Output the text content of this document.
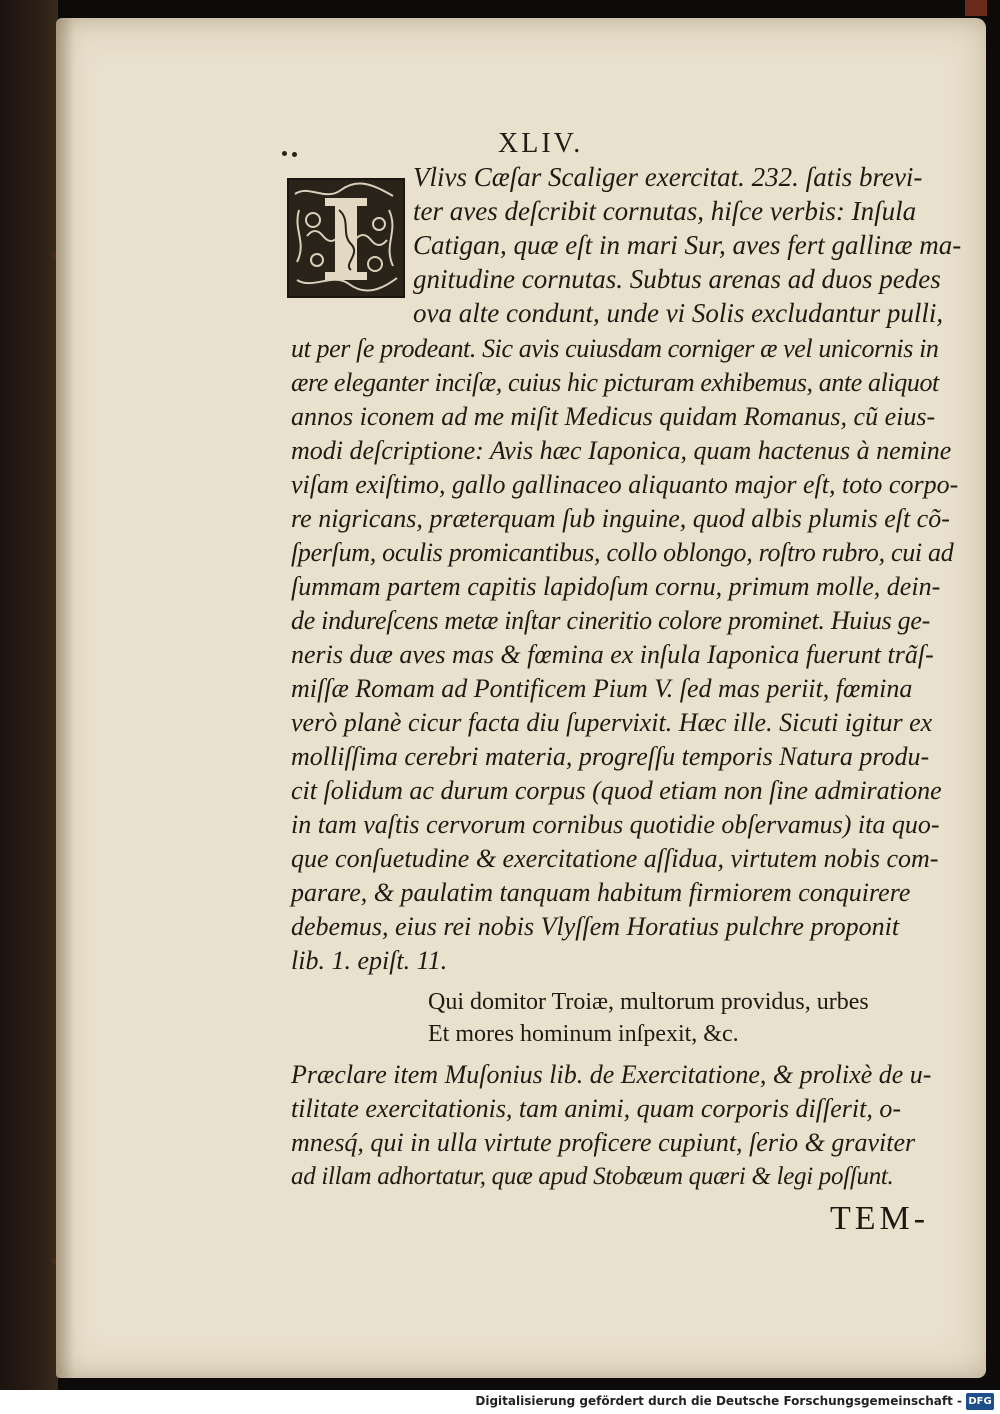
XLIV.
I
Vlivs Cæſar Scaliger exercitat. 232. ſatis brevi-
ter aves deſcribit cornutas, hiſce verbis: Inſula
Catigan, quæ eſt in mari Sur, aves fert gallinæ ma-
gnitudine cornutas. Subtus arenas ad duos pedes
ova alte condunt, unde vi Solis excludantur pulli,
ut per ſe prodeant. Sic avis cuiusdam corniger æ vel unicornis in
ære eleganter inciſæ, cuius hic picturam exhibemus, ante aliquot
annos iconem ad me miſit Medicus quidam Romanus, cũ eius-
modi deſcriptione: Avis hæc Iaponica, quam hactenus à nemine
viſam exiſtimo, gallo gallinaceo aliquanto major eſt, toto corpo-
re nigricans, præterquam ſub inguine, quod albis plumis eſt cõ-
ſperſum, oculis promicantibus, collo oblongo, roſtro rubro, cui ad
ſummam partem capitis lapidoſum cornu, primum molle, dein-
de indureſcens metæ inſtar cineritio colore prominet. Huius ge-
neris duæ aves mas & fœmina ex inſula Iaponica fuerunt trãſ-
miſſæ Romam ad Pontificem Pium V. ſed mas periit, fœmina
verò planè cicur facta diu ſupervixit. Hæc ille. Sicuti igitur ex
molliſſima cerebri materia, progreſſu temporis Natura produ-
cit ſolidum ac durum corpus (quod etiam non ſine admiratione
in tam vaſtis cervorum cornibus quotidie obſervamus) ita quo-
que conſuetudine & exercitatione aſſidua, virtutem nobis com-
parare, & paulatim tanquam habitum firmiorem conquirere
debemus, eius rei nobis Vlyſſem Horatius pulchre proponit
lib. 1. epiſt. 11.
Qui domitor Troiæ, multorum providus, urbes
Et mores hominum inſpexit, &c.
Præclare item Muſonius lib. de Exercitatione, & prolixè de u-
tilitate exercitationis, tam animi, quam corporis diſſerit, o-
mnesq́, qui in ulla virtute proficere cupiunt, ſerio & graviter
ad illam adhortatur, quæ apud Stobæum quæri & legi poſſunt.
TEM-
Digitalisierung gefördert durch die Deutsche Forschungsgemeinschaft - DFG
